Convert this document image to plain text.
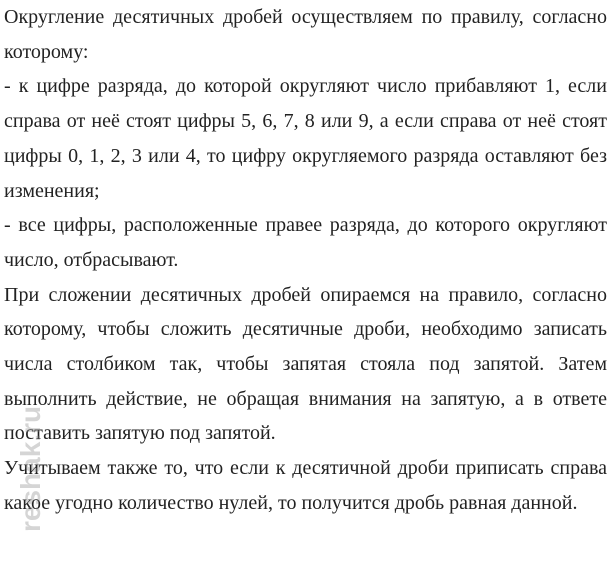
Округление десятичных дробей осуществляем по правилу, согласно которому:

- к цифре разряда, до которой округляют число прибавляют 1, если справа от неё стоят цифры 5, 6, 7, 8 или 9, а если справа от неё стоят цифры 0, 1, 2, 3 или 4, то цифру округляемого разряда оставляют без изменения;

- все цифры, расположенные правее разряда, до которого округляют число, отбрасывают.

При сложении десятичных дробей опираемся на правило, согласно которому, чтобы сложить десятичные дроби, необходимо записать числа столбиком так, чтобы запятая стояла под запятой. Затем выполнить действие, не обращая внимания на запятую, а в ответе поставить запятую под запятой.

Учитываем также то, что если к десятичной дроби приписать справа какое угодно количество нулей, то получится дробь равная данной.

reshak.ru
